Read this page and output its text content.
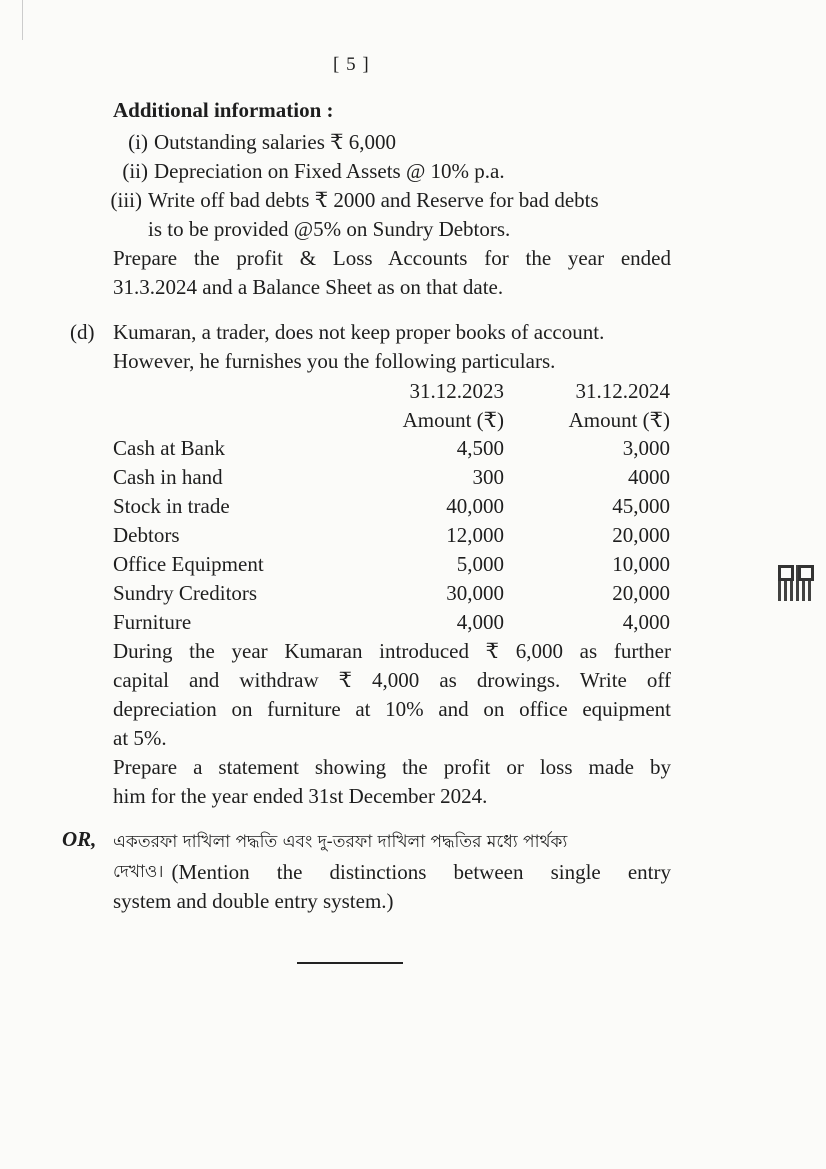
[ 5 ]
Additional information :
(i) Outstanding salaries ₹ 6,000
(ii) Depreciation on Fixed Assets @ 10% p.a.
(iii) Write off bad debts ₹ 2000 and Reserve for bad debts
is to be provided @5% on Sundry Debtors.
Prepare the profit & Loss Accounts for the year ended
31.3.2024 and a Balance Sheet as on that date.
(d) Kumaran, a trader, does not keep proper books of account.
However, he furnishes you the following particulars.
31.12.2023	31.12.2024
Amount (₹)	Amount (₹)
Cash at Bank	4,500	3,000
Cash in hand	300	4000
Stock in trade	40,000	45,000
Debtors	12,000	20,000
Office Equipment	5,000	10,000
Sundry Creditors	30,000	20,000
Furniture	4,000	4,000
During the year Kumaran introduced ₹ 6,000 as further
capital and withdraw ₹ 4,000 as drowings. Write off
depreciation on furniture at 10% and on office equipment
at 5%.
Prepare a statement showing the profit or loss made by
him for the year ended 31st December 2024.
OR, একতরফা দাখিলা পদ্ধতি এবং দু-তরফা দাখিলা পদ্ধতির মধ্যে পার্থক্য
দেখাও। (Mention the distinctions between single entry
system and double entry system.)
